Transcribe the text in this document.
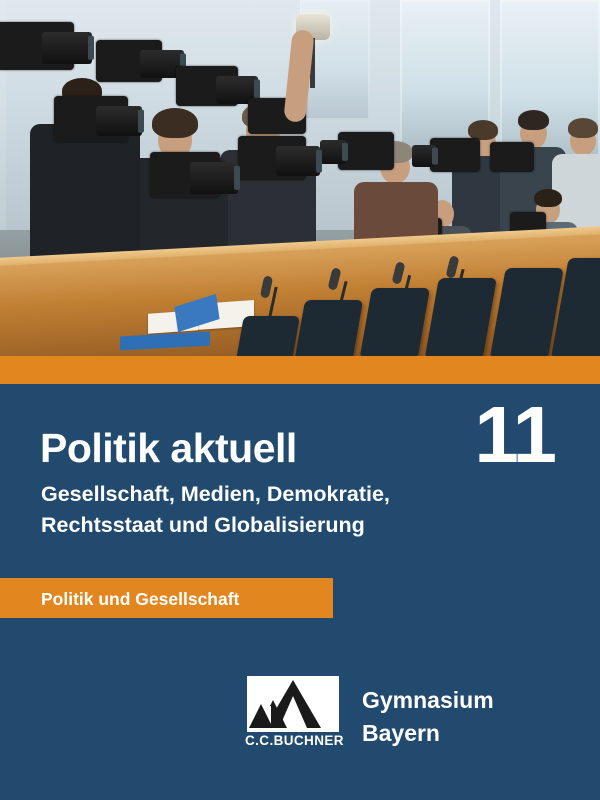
Politik aktuell 11
Gesellschaft, Medien, Demokratie,
Rechtsstaat und Globalisierung
Politik und Gesellschaft
C.C.BUCHNER
Gymnasium
Bayern
